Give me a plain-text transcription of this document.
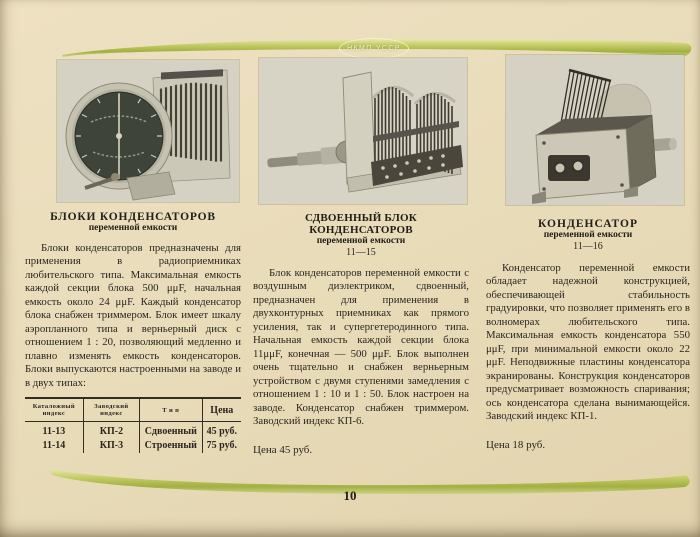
НКМП УССР
БЛОКИ КОНДЕНСАТОРОВ
переменной емкости
Блоки конденсаторов предназначены для применения в радиоприемниках любительского типа. Максимальная емкость каждой секции блока 500 μμF, начальная емкость около 24 μμF. Каждый конденсатор блока снабжен триммером. Блок имеет шкалу аэропланного типа и верньерный диск с отношением 1 : 20, позволяющий медленно и плавно изменять емкость конденсаторов. Блоки выпускаются настроенными на заводе и в двух типах:
Каталожный индекс	Заводский индекс	Т и п	Цена
11-13	КП-2	Сдвоенный	45 руб.
11-14	КП-3	Строенный	75 руб.
СДВОЕННЫЙ БЛОК КОНДЕНСАТОРОВ
переменной емкости
11—15
Блок конденсаторов переменной емкости с воздушным диэлектриком, сдвоенный, предназначен для применения в двухконтурных приемниках как прямого усиления, так и супергетеродинного типа. Начальная емкость каждой секции блока 11μμF, конечная — 500 μμF. Блок выполнен очень тщательно и снабжен верньерным устройством с двумя ступенями замедления с отношением 1 : 10 и 1 : 50. Блок настроен на заводе. Конденсатор снабжен триммером. Заводский индекс КП-6.
Цена 45 руб.
КОНДЕНСАТОР
переменной емкости
11—16
Конденсатор переменной емкости обладает надежной конструкцией, обеспечивающей стабильность градуировки, что позволяет применять его в волномерах любительского типа. Максимальная емкость конденсатора 550 μμF, при минимальной емкости около 22 μμF. Неподвижные пластины конденсатора экранированы. Конструкция конденсаторов предусматривает возможность спаривания; ось конденсатора сделана вынимающейся. Заводский индекс КП-1.
Цена 18 руб.
10
